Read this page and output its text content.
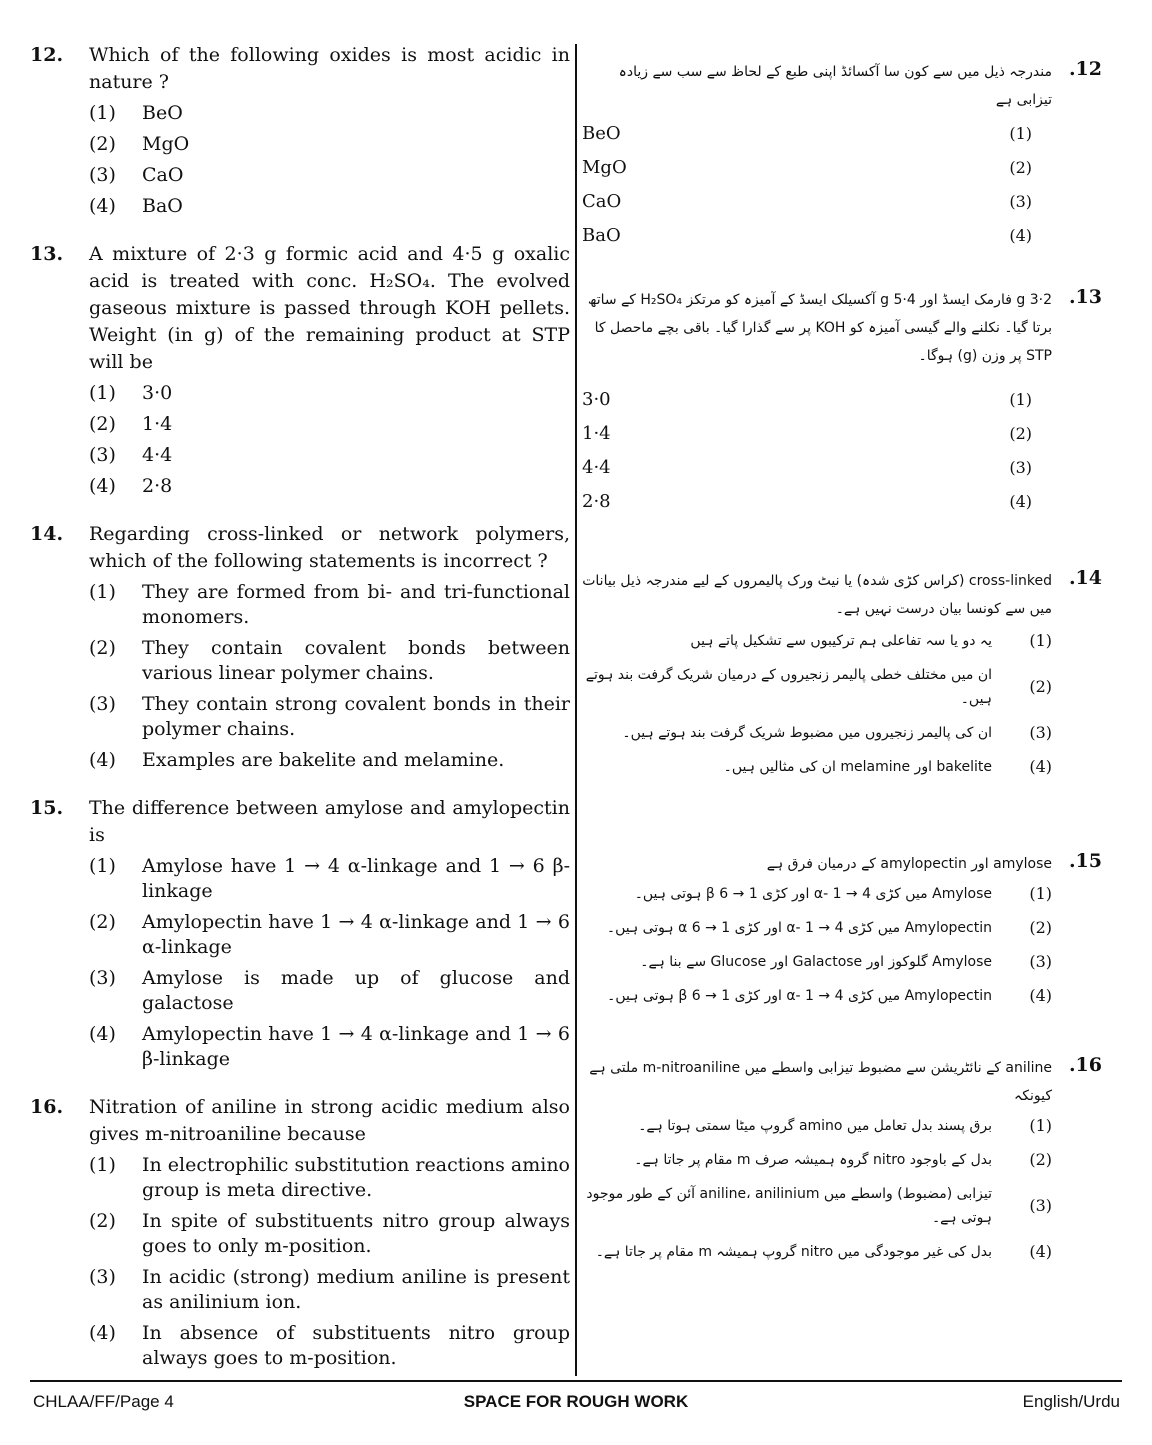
12.	Which of the following oxides is most acidic in nature ?
(1)	BeO
(2)	MgO
(3)	CaO
(4)	BaO
13.	A mixture of 2·3 g formic acid and 4·5 g oxalic acid is treated with conc. H₂SO₄. The evolved gaseous mixture is passed through KOH pellets. Weight (in g) of the remaining product at STP will be
(1)	3·0
(2)	1·4
(3)	4·4
(4)	2·8
14.	Regarding cross-linked or network polymers, which of the following statements is incorrect ?
(1)	They are formed from bi- and tri-functional monomers.
(2)	They contain covalent bonds between various linear polymer chains.
(3)	They contain strong covalent bonds in their polymer chains.
(4)	Examples are bakelite and melamine.
15.	The difference between amylose and amylopectin is
(1)	Amylose have 1 → 4 α-linkage and 1 → 6 β-linkage
(2)	Amylopectin have 1 → 4 α-linkage and 1 → 6 α-linkage
(3)	Amylose is made up of glucose and galactose
(4)	Amylopectin have 1 → 4 α-linkage and 1 → 6 β-linkage
16.	Nitration of aniline in strong acidic medium also gives m-nitroaniline because
(1)	In electrophilic substitution reactions amino group is meta directive.
(2)	In spite of substituents nitro group always goes to only m-position.
(3)	In acidic (strong) medium aniline is present as anilinium ion.
(4)	In absence of substituents nitro group always goes to m-position.
.12
مندرجہ ذیل میں سے کون سا آکسائڈ اپنی طبع کے لحاظ سے سب سے زیادہ تیزابی ہے
(1)
BeO
(2)
MgO
(3)
CaO
(4)
BaO
.13
2·3 g فارمک ایسڈ اور 4·5 g آکسیلک ایسڈ کے آمیزہ کو مرتکز H₂SO₄ کے ساتھ برتا گیا۔ نکلنے والے گیسی آمیزہ کو KOH پر سے گذارا گیا۔ باقی بچے ماحصل کا STP پر وزن (g) ہوگا۔
(1)
3·0
(2)
1·4
(3)
4·4
(4)
2·8
.14
cross-linked (کراس کڑی شدہ) یا نیٹ ورک پالیمروں کے لیے مندرجہ ذیل بیانات میں سے کونسا بیان درست نہیں ہے۔
(1)
یہ دو یا سہ تفاعلی ہم ترکیبوں سے تشکیل پاتے ہیں
(2)
ان میں مختلف خطی پالیمر زنجیروں کے درمیان شریک گرفت بند ہوتے ہیں۔
(3)
ان کی پالیمر زنجیروں میں مضبوط شریک گرفت بند ہوتے ہیں۔
(4)
bakelite اور melamine ان کی مثالیں ہیں۔
.15
amylose اور amylopectin کے درمیان فرق ہے
(1)
Amylose میں کڑی α- 1 → 4 اور کڑی β 6 → 1 ہوتی ہیں۔
(2)
Amylopectin میں کڑی α- 1 → 4 اور کڑی α 6 → 1 ہوتی ہیں۔
(3)
Amylose گلوکوز اور Galactose اور Glucose سے بنا ہے۔
(4)
Amylopectin میں کڑی α- 1 → 4 اور کڑی β 6 → 1 ہوتی ہیں۔
.16
aniline کے نائٹریشن سے مضبوط تیزابی واسطے میں m-nitroaniline ملتی ہے کیونکہ
(1)
برق پسند بدل تعامل میں amino گروپ میٹا سمتی ہوتا ہے۔
(2)
بدل کے باوجود nitro گروہ ہمیشہ صرف m مقام پر جاتا ہے۔
(3)
تیزابی (مضبوط) واسطے میں aniline، anilinium آئن کے طور موجود ہوتی ہے۔
(4)
بدل کی غیر موجودگی میں nitro گروپ ہمیشہ m مقام پر جاتا ہے۔
SPACE FOR ROUGH WORK
CHLAA/FF/Page 4	English/Urdu
